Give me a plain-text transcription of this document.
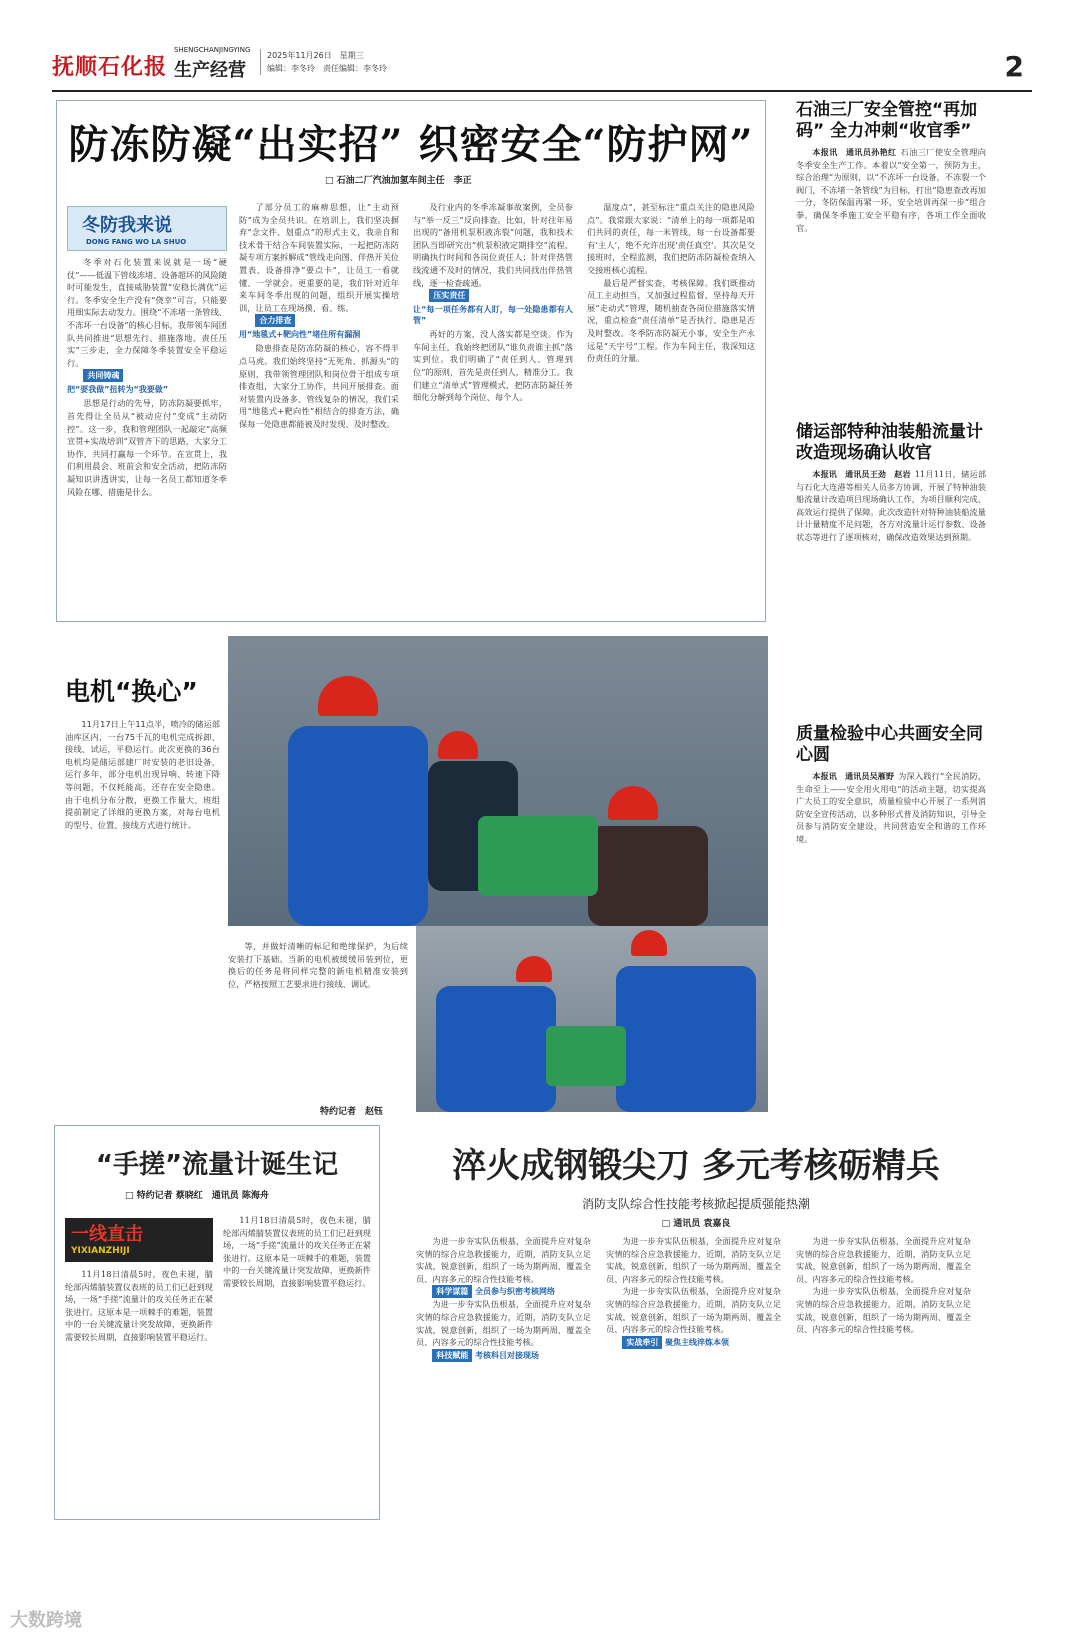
抚顺石化报
SHENGCHANJINGYING
生产经营
2025年11月26日　星期三
编辑：李冬玲　责任编辑：李冬玲	2
防冻防凝“出实招” 织密安全“防护网”
□ 石油二厂汽油加氢车间主任　李正
冬防我来说
DONG FANG WO LA SHUO

冬季对石化装置来说就是一场“硬仗”——低温下管线冻堵、设备超坏的风险随时可能发生，直接威胁装置“安稳长满优”运行。冬季安全生产没有“侥幸”可言，只能要用细实际去动发力。围绕“不冻堵一条管线、不冻坏一台设备”的核心目标，我带领车间团队共同推进“思想先行、措施落地、责任压实”三步走，全力保障冬季装置安全平稳运行。

共同铸魂

把“要我做”扭转为“我要做”

思想是行动的先导，防冻防凝要抓牢，首先得让全员从“被动应付”变成“主动防控”。这一步，我和管理团队一起敲定“高频宣贯+实战培训”双管齐下的思路，大家分工协作，共同打赢每一个环节。在宣贯上，我们利用晨会、班前会和安全活动，把防冻防凝知识讲透讲实，让每一名员工都知道冬季风险在哪、措施是什么。

了部分员工的麻痹思想，让“主动预防”成为全员共识。在培训上，我们坚决摒弃“念文件、划重点”的形式主义，我亲自和技术骨干结合车间装置实际，一起把防冻防凝专项方案拆解成“管线走向图、伴热开关位置表、设备排净“要点卡”，让员工一看就懂、一学就会。更重要的是，我们针对近年来车间冬季出现的问题，组织开展实操培训，让员工在现场摸、看、练。

合力排查

用“地毯式+靶向性”堵住所有漏洞

隐患排查是防冻防凝的核心，容不得半点马虎。我们始终坚持“无死角、抓源头”的原则，我带领管理团队和岗位骨干组成专项排查组，大家分工协作，共同开展排查。面对装置内设备多、管线复杂的情况，我们采用“地毯式+靶向性”相结合的排查方法，确保每一处隐患都能被及时发现、及时整改。

及行业内的冬季冻凝事故案例，全员参与“举一反三”反向排查。比如，针对往年易出现的“备用机泵积液冻裂”问题，我和技术团队当即研究出“机泵积液定期排空”流程，明确执行时间和各岗位责任人；针对伴热管线流通不及时的情况，我们共同找出伴热管线，逐一检查疏通。

压实责任

让“每一项任务都有人盯，每一处隐患都有人管”

再好的方案，没人落实都是空谈。作为车间主任，我始终把团队“谁负责谁主抓”落实到位。我们明确了“责任到人、管理到位”的原则，首先是责任到人，精准分工。我们建立“清单式”管理模式，把防冻防凝任务细化分解到每个岗位、每个人。

温度点”，甚至标注“重点关注的隐患风险点”。我常跟大家说：“清单上的每一项都是咱们共同的责任，每一米管线、每一台设备都要有‘主人’，绝不允许出现‘责任真空’。其次是交接班时，全程监测，我们把防冻防凝检查纳入交接班核心流程。

最后是严督实查，考核保障。我们既推动员工主动担当，又加强过程监督，坚持每天开展“走动式”管理，随机抽查各岗位措施落实情况，重点检查“责任清单”是否执行、隐患是否及时整改。冬季防冻防凝无小事，安全生产永远是“天字号”工程。作为车间主任，我深知这份责任的分量。

石油三厂安全管控“再加码” 全力冲刺“收官季”
本报讯　通讯员孙艳红 石油三厂使安全管理向冬季安全生产工作。本着以“安全第一，预防为主，综合治理”为原则，以“不冻坏一台设备，不冻裂一个阀门，不冻堵一条管线”为目标，打出“隐患查改再加一分，冬防保温再紧一环，安全培训再深一步”组合拳，确保冬季施工安全平稳有序，各项工作全面收官。
储运部特种油装船流量计改造现场确认收官
本报讯　通讯员王劲　赵岩 11月11日，储运部与石化大连港等相关人员多方协调，开展了特种油装船流量计改造项目现场确认工作，为项目顺利完成、高效运行提供了保障。此次改造针对特种油装船流量计计量精度不足问题，各方对流量计运行参数、设备状态等进行了逐项核对，确保改造效果达到预期。
质量检验中心共画安全同心圆
本报讯　通讯员吴雁野 为深入践行“全民消防，生命至上——安全用火用电”的活动主题，切实提高广大员工的安全意识，质量检验中心开展了一系列消防安全宣传活动，以多种形式普及消防知识，引导全员参与消防安全建设，共同营造安全和谐的工作环境。
电机“换心”
11月17日上午11点半，喷冷的储运部油库区内，一台75千瓦的电机完成拆卸、接线、试运，平稳运行。此次更换的36台电机均是储运部建厂时安装的老旧设备，运行多年，部分电机出现异响、转速下降等问题，不仅耗能高，还存在安全隐患。由于电机分布分散，更换工作量大，班组提前制定了详细的更换方案，对每台电机的型号、位置、接线方式进行统计。
等，并做好清晰的标记和绝缘保护，为后续安装打下基础。当新的电机被缓缓吊装到位，更换后的任务是将同样完整的新电机精准安装到位，严格按照工艺要求进行接线、调试。
特约记者　赵钰
“手搓”流量计诞生记
□ 特约记者 蔡晓红　通讯员 陈海舟
一线直击
YIXIANZHIJI
11月18日清晨5时，夜色未褪，腈纶部丙烯腈装置仪表班的员工们已赶到现场，一场“手搓”流量计的攻关任务正在紧张进行。这原本是一项棘手的难题，装置中的一台关键流量计突发故障，更换新件需要较长周期，直接影响装置平稳运行。
11月18日清晨5时，夜色未褪，腈纶部丙烯腈装置仪表班的员工们已赶到现场，一场“手搓”流量计的攻关任务正在紧张进行。这原本是一项棘手的难题，装置中的一台关键流量计突发故障，更换新件需要较长周期，直接影响装置平稳运行。
淬火成钢锻尖刀 多元考核砺精兵
消防支队综合性技能考核掀起提质强能热潮
□ 通讯员 袁嘉良

为进一步夯实队伍根基，全面提升应对复杂灾情的综合应急救援能力，近期，消防支队立足实战，锐意创新，组织了一场为期两周、覆盖全员、内容多元的综合性技能考核。

科学谋篇 全员参与织密考核网络

为进一步夯实队伍根基，全面提升应对复杂灾情的综合应急救援能力，近期，消防支队立足实战，锐意创新，组织了一场为期两周、覆盖全员、内容多元的综合性技能考核。

科技赋能 考核科目对接现场

为进一步夯实队伍根基，全面提升应对复杂灾情的综合应急救援能力，近期，消防支队立足实战，锐意创新，组织了一场为期两周、覆盖全员、内容多元的综合性技能考核。

为进一步夯实队伍根基，全面提升应对复杂灾情的综合应急救援能力，近期，消防支队立足实战，锐意创新，组织了一场为期两周、覆盖全员、内容多元的综合性技能考核。

实战牵引 聚焦主线淬炼本领

为进一步夯实队伍根基，全面提升应对复杂灾情的综合应急救援能力，近期，消防支队立足实战，锐意创新，组织了一场为期两周、覆盖全员、内容多元的综合性技能考核。

为进一步夯实队伍根基，全面提升应对复杂灾情的综合应急救援能力，近期，消防支队立足实战，锐意创新，组织了一场为期两周、覆盖全员、内容多元的综合性技能考核。

大数跨境
